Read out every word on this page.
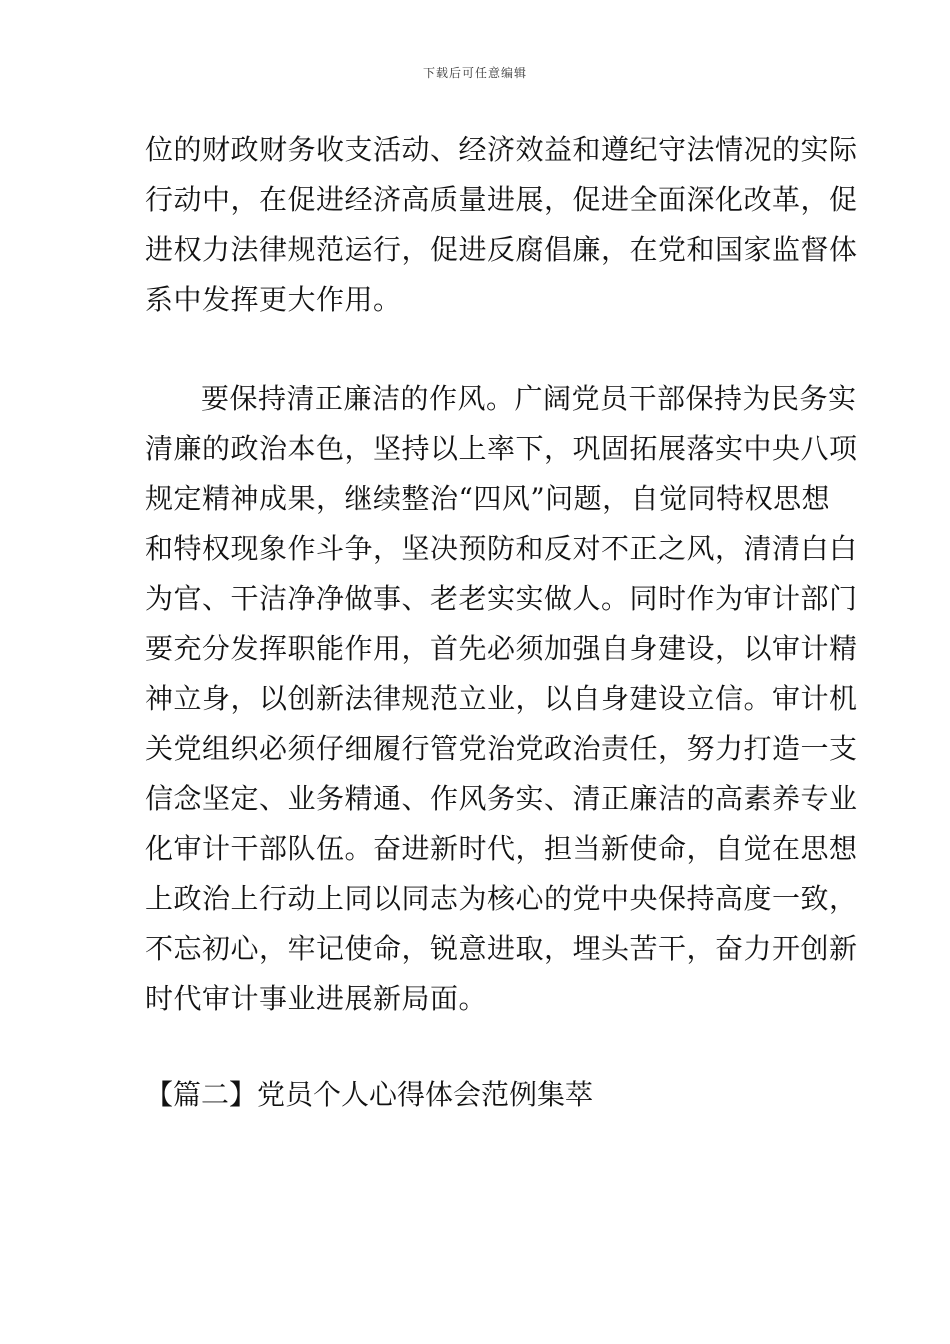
下载后可任意编辑
位的财政财务收支活动、经济效益和遵纪守法情况的实际
行动中，在促进经济高质量进展，促进全面深化改革，促
进权力法律规范运行，促进反腐倡廉，在党和国家监督体
系中发挥更大作用。
要保持清正廉洁的作风。广阔党员干部保持为民务实
清廉的政治本色，坚持以上率下，巩固拓展落实中央八项
规定精神成果，继续整治“四风”问题，自觉同特权思想
和特权现象作斗争，坚决预防和反对不正之风，清清白白
为官、干洁净净做事、老老实实做人。同时作为审计部门
要充分发挥职能作用，首先必须加强自身建设，以审计精
神立身，以创新法律规范立业，以自身建设立信。审计机
关党组织必须仔细履行管党治党政治责任，努力打造一支
信念坚定、业务精通、作风务实、清正廉洁的高素养专业
化审计干部队伍。奋进新时代，担当新使命，自觉在思想
上政治上行动上同以同志为核心的党中央保持高度一致，
不忘初心，牢记使命，锐意进取，埋头苦干，奋力开创新
时代审计事业进展新局面。
【篇二】党员个人心得体会范例集萃
